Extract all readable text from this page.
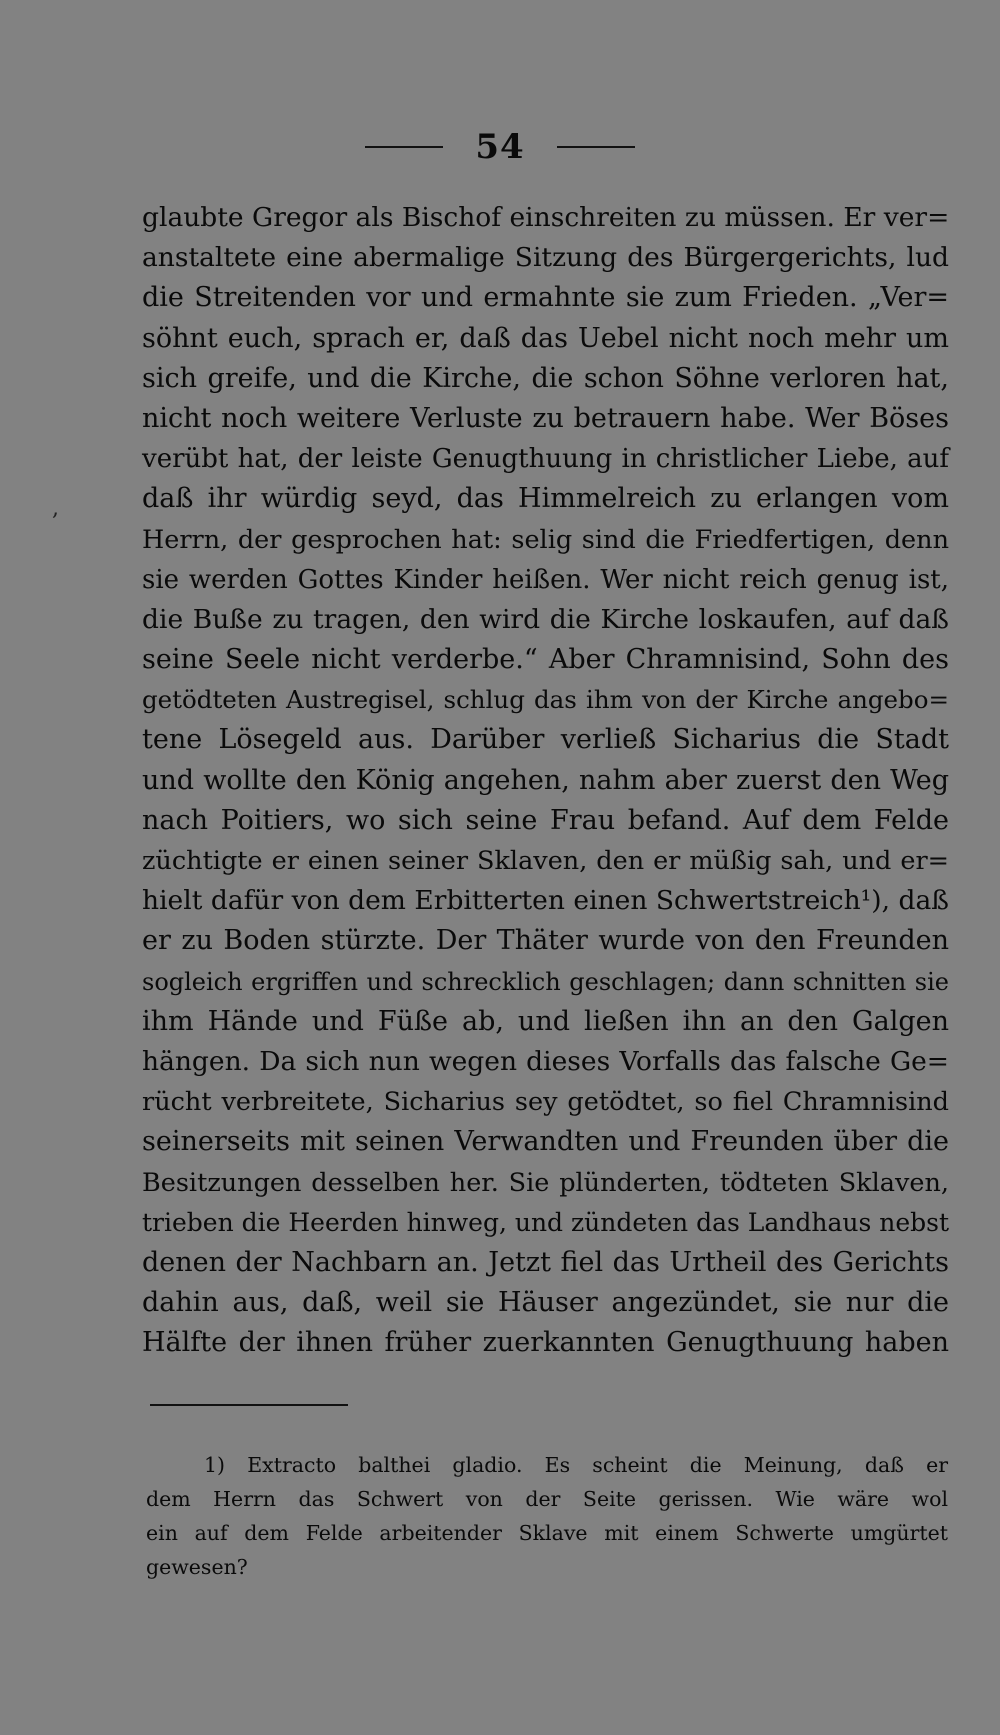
54
,
glaubte Gregor als Bischof einschreiten zu müssen. Er ver=
anstaltete eine abermalige Sitzung des Bürgergerichts, lud
die Streitenden vor und ermahnte sie zum Frieden. „Ver=
söhnt euch, sprach er, daß das Uebel nicht noch mehr um
sich greife, und die Kirche, die schon Söhne verloren hat,
nicht noch weitere Verluste zu betrauern habe. Wer Böses
verübt hat, der leiste Genugthuung in christlicher Liebe, auf
daß ihr würdig seyd, das Himmelreich zu erlangen vom
Herrn, der gesprochen hat: selig sind die Friedfertigen, denn
sie werden Gottes Kinder heißen. Wer nicht reich genug ist,
die Buße zu tragen, den wird die Kirche loskaufen, auf daß
seine Seele nicht verderbe.“ Aber Chramnisind, Sohn des
getödteten Austregisel, schlug das ihm von der Kirche angebo=
tene Lösegeld aus. Darüber verließ Sicharius die Stadt
und wollte den König angehen, nahm aber zuerst den Weg
nach Poitiers, wo sich seine Frau befand. Auf dem Felde
züchtigte er einen seiner Sklaven, den er müßig sah, und er=
hielt dafür von dem Erbitterten einen Schwertstreich¹), daß
er zu Boden stürzte. Der Thäter wurde von den Freunden
sogleich ergriffen und schrecklich geschlagen; dann schnitten sie
ihm Hände und Füße ab, und ließen ihn an den Galgen
hängen. Da sich nun wegen dieses Vorfalls das falsche Ge=
rücht verbreitete, Sicharius sey getödtet, so fiel Chramnisind
seinerseits mit seinen Verwandten und Freunden über die
Besitzungen desselben her. Sie plünderten, tödteten Sklaven,
trieben die Heerden hinweg, und zündeten das Landhaus nebst
denen der Nachbarn an. Jetzt fiel das Urtheil des Gerichts
dahin aus, daß, weil sie Häuser angezündet, sie nur die
Hälfte der ihnen früher zuerkannten Genugthuung haben
1) Extracto balthei gladio. Es scheint die Meinung, daß er
dem Herrn das Schwert von der Seite gerissen. Wie wäre wol
ein auf dem Felde arbeitender Sklave mit einem Schwerte umgürtet
gewesen?
